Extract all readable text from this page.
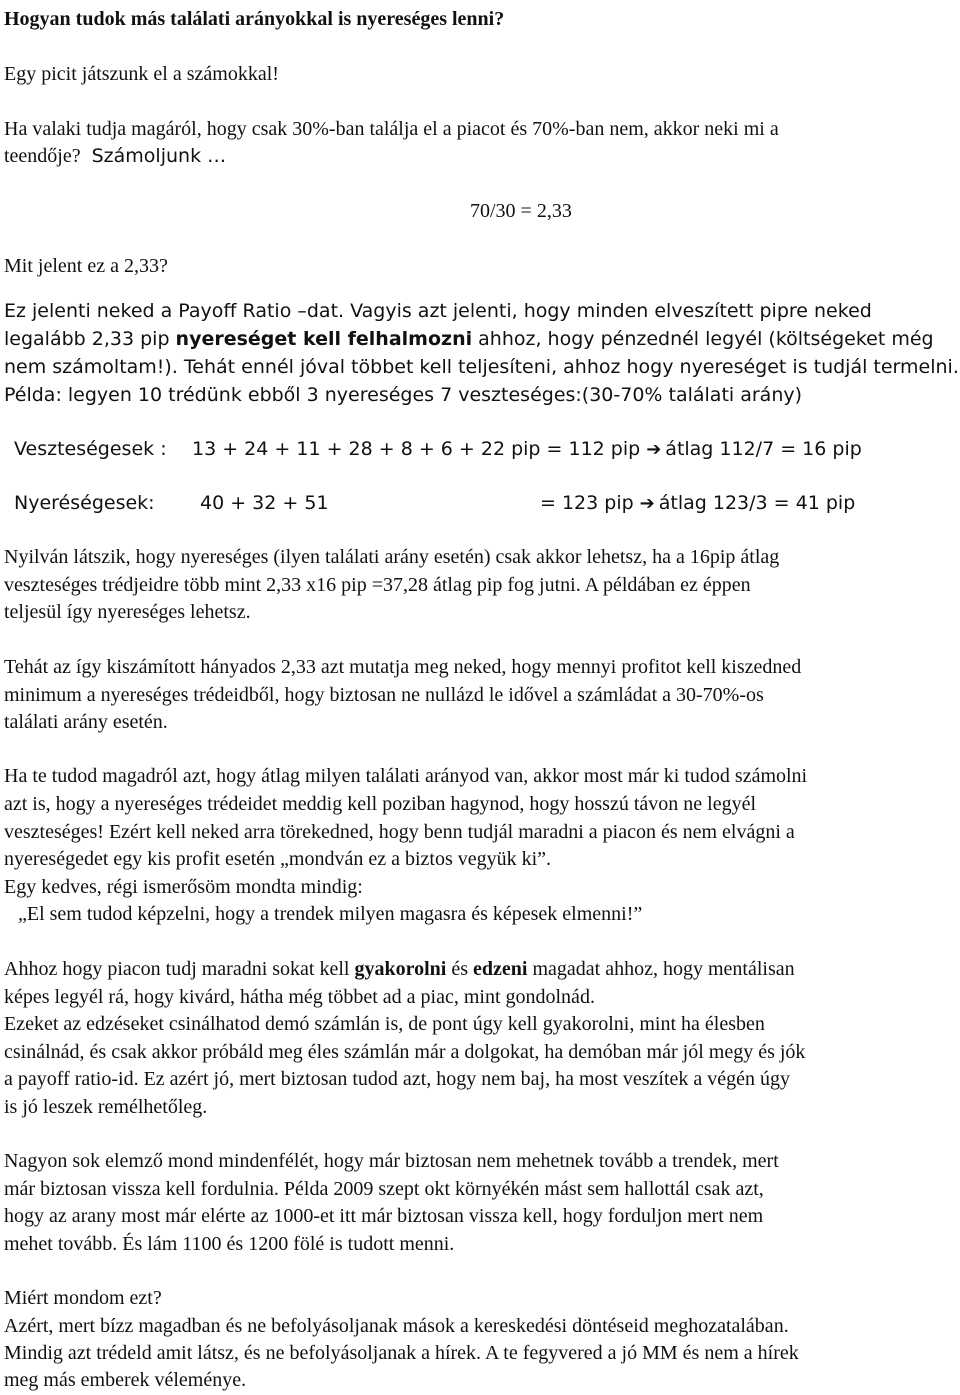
Hogyan tudok más találati arányokkal is nyereséges lenni?
Egy picit játszunk el a számokkal!
Ha valaki tudja magáról, hogy csak 30%-ban találja el a piacot és 70%-ban nem, akkor neki mi a
teendője? Számoljunk …
70/30 = 2,33
Mit jelent ez a 2,33?
Ez jelenti neked a Payoff Ratio –dat. Vagyis azt jelenti, hogy minden elveszített pipre neked
legalább 2,33 pip nyereséget kell felhalmozni ahhoz, hogy pénzednél legyél (költségeket még
nem számoltam!). Tehát ennél jóval többet kell teljesíteni, ahhoz hogy nyereséget is tudjál termelni.
Példa: legyen 10 trédünk ebből 3 nyereséges 7 veszteséges:(30-70% találati arány)
Veszteségesek : 13 + 24 + 11 + 28 + 8 + 6 + 22 pip = 112 pip ➔ átlag 112/7 = 16 pip
Nyeréségesek: 40 + 32 + 51	= 123 pip ➔ átlag 123/3 = 41 pip
Nyilván látszik, hogy nyereséges (ilyen találati arány esetén) csak akkor lehetsz, ha a 16pip átlag
veszteséges trédjeidre több mint 2,33 x16 pip =37,28 átlag pip fog jutni. A példában ez éppen
teljesül így nyereséges lehetsz.
Tehát az így kiszámított hányados 2,33 azt mutatja meg neked, hogy mennyi profitot kell kiszedned
minimum a nyereséges trédeidből, hogy biztosan ne nullázd le idővel a számládat a 30-70%-os
találati arány esetén.
Ha te tudod magadról azt, hogy átlag milyen találati arányod van, akkor most már ki tudod számolni
azt is, hogy a nyereséges trédeidet meddig kell poziban hagynod, hogy hosszú távon ne legyél
veszteséges! Ezért kell neked arra törekedned, hogy benn tudjál maradni a piacon és nem elvágni a
nyereségedet egy kis profit esetén „mondván ez a biztos vegyük ki”.
Egy kedves, régi ismerősöm mondta mindig:
„El sem tudod képzelni, hogy a trendek milyen magasra és képesek elmenni!”
Ahhoz hogy piacon tudj maradni sokat kell gyakorolni és edzeni magadat ahhoz, hogy mentálisan
képes legyél rá, hogy kivárd, hátha még többet ad a piac, mint gondolnád.
Ezeket az edzéseket csinálhatod demó számlán is, de pont úgy kell gyakorolni, mint ha élesben
csinálnád, és csak akkor próbáld meg éles számlán már a dolgokat, ha demóban már jól megy és jók
a payoff ratio-id. Ez azért jó, mert biztosan tudod azt, hogy nem baj, ha most veszítek a végén úgy
is jó leszek remélhetőleg.
Nagyon sok elemző mond mindenfélét, hogy már biztosan nem mehetnek tovább a trendek, mert
már biztosan vissza kell fordulnia. Példa 2009 szept okt környékén mást sem hallottál csak azt,
hogy az arany most már elérte az 1000-et itt már biztosan vissza kell, hogy forduljon mert nem
mehet tovább. És lám 1100 és 1200 fölé is tudott menni.
Miért mondom ezt?
Azért, mert bízz magadban és ne befolyásoljanak mások a kereskedési döntéseid meghozatalában.
Mindig azt trédeld amit látsz, és ne befolyásoljanak a hírek. A te fegyvered a jó MM és nem a hírek
meg más emberek véleménye.
